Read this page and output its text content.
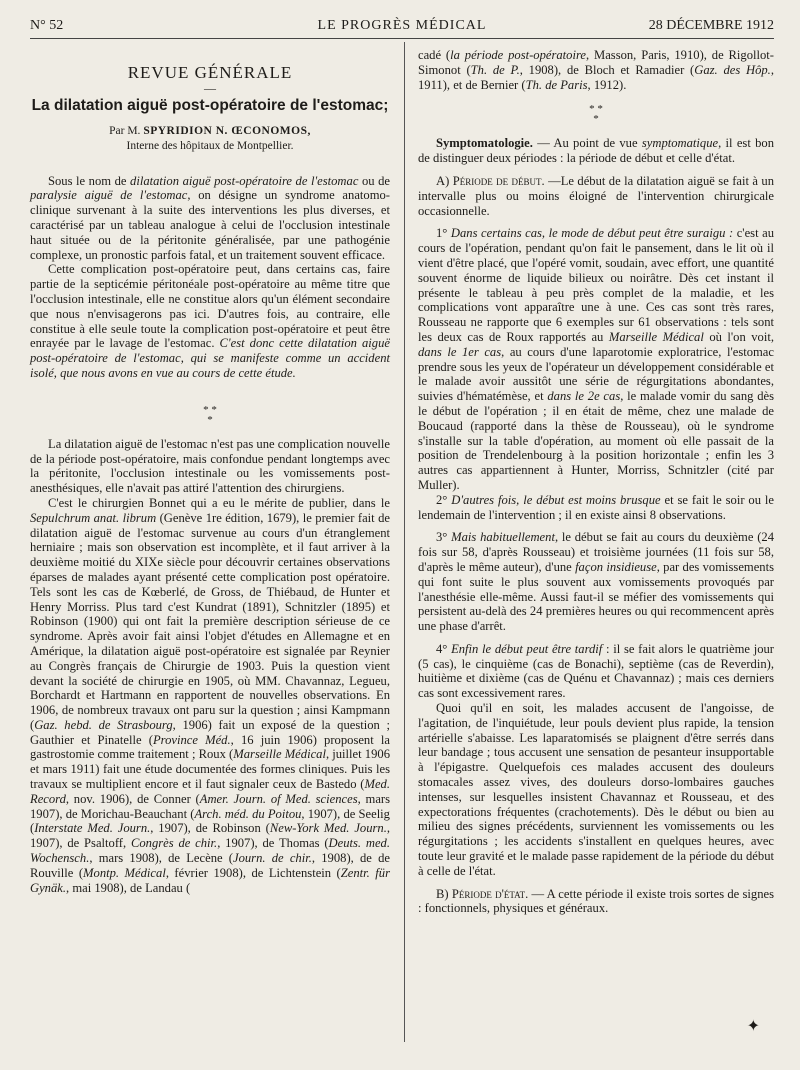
N° 52	LE PROGRÈS MÉDICAL	28 DÉCEMBRE 1912
REVUE GÉNÉRALE
—
La dilatation aiguë post-opératoire de l'estomac;
Par M. SPYRIDION N. ŒCONOMOS,
Interne des hôpitaux de Montpellier.

Sous le nom de dilatation aiguë post-opératoire de l'estomac ou de paralysie aiguë de l'estomac, on désigne un syndrome anatomo-clinique survenant à la suite des interventions les plus diverses, et caractérisé par un tableau analogue à celui de l'occlusion intestinale haut située ou de la péritonite généralisée, par une pathogénie complexe, un pronostic parfois fatal, et un traitement souvent efficace.

Cette complication post-opératoire peut, dans certains cas, faire partie de la septicémie péritonéale post-opératoire au même titre que l'occlusion intestinale, elle ne constitue alors qu'un élément secondaire que nous n'envisagerons pas ici. D'autres fois, au contraire, elle constitue à elle seule toute la complication post-opératoire et peut être enrayée par le lavage de l'estomac. C'est donc cette dilatation aiguë post-opératoire de l'estomac, qui se manifeste comme un accident isolé, que nous avons en vue au cours de cette étude.

* *
*

La dilatation aiguë de l'estomac n'est pas une complication nouvelle de la période post-opératoire, mais confondue pendant longtemps avec la péritonite, l'occlusion intestinale ou les vomissements post-anesthésiques, elle n'avait pas attiré l'attention des chirurgiens.

C'est le chirurgien Bonnet qui a eu le mérite de publier, dans le Sepulchrum anat. librum (Genève 1re édition, 1679), le premier fait de dilatation aiguë de l'estomac survenue au cours d'un étranglement herniaire ; mais son observation est incomplète, et il faut arriver à la deuxième moitié du XIXe siècle pour découvrir certaines observations éparses de malades ayant présenté cette complication post opératoire. Tels sont les cas de Kœberlé, de Gross, de Thiébaud, de Hunter et Henry Morriss. Plus tard c'est Kundrat (1891), Schnitzler (1895) et Robinson (1900) qui ont fait la première description sérieuse de ce syndrome. Après avoir fait ainsi l'objet d'études en Allemagne et en Amérique, la dilatation aiguë post-opératoire est signalée par Reynier au Congrès français de Chirurgie de 1903. Puis la question vient devant la société de chirurgie en 1905, où MM. Chavannaz, Legueu, Borchardt et Hartmann en rapportent de nouvelles observations. En 1906, de nombreux travaux ont paru sur la question ; ainsi Kampmann (Gaz. hebd. de Strasbourg, 1906) fait un exposé de la question ; Gauthier et Pinatelle (Province Méd., 16 juin 1906) proposent la gastrostomie comme traitement ; Roux (Marseille Médical, juillet 1906 et mars 1911) fait une étude documentée des formes cliniques. Puis les travaux se multiplient encore et il faut signaler ceux de Bastedo (Med. Record, nov. 1906), de Conner (Amer. Journ. of Med. sciences, mars 1907), de Morichau-Beauchant (Arch. méd. du Poitou, 1907), de Seelig (Interstate Med. Journ., 1907), de Robinson (New-York Med. Journ., 1907), de Psaltoff, Congrès de chir., 1907), de Thomas (Deuts. med. Wochensch., mars 1908), de Lecène (Journ. de chir., 1908), de de Rouville (Montp. Médical, février 1908), de Lichtenstein (Zentr. für Gynäk., mai 1908), de Landau (

cadé (la période post-opératoire, Masson, Paris, 1910), de Rigollot-Simonot (Th. de P., 1908), de Bloch et Ramadier (Gaz. des Hôp., 1911), et de Bernier (Th. de Paris, 1912).

* *
*

Symptomatologie. — Au point de vue symptomatique, il est bon de distinguer deux périodes : la période de début et celle d'état.

A) Période de début. —Le début de la dilatation aiguë se fait à un intervalle plus ou moins éloigné de l'intervention chirurgicale occasionnelle.

1° Dans certains cas, le mode de début peut être suraigu : c'est au cours de l'opération, pendant qu'on fait le pansement, dans le lit où il vient d'être placé, que l'opéré vomit, soudain, avec effort, une quantité souvent énorme de liquide bilieux ou noirâtre. Dès cet instant il présente le tableau à peu près complet de la maladie, et les complications vont apparaître une à une. Ces cas sont très rares, Rousseau ne rapporte que 6 exemples sur 61 observations : tels sont les deux cas de Roux rapportés au Marseille Médical où l'on voit, dans le 1er cas, au cours d'une laparotomie exploratrice, l'estomac prendre sous les yeux de l'opérateur un développement considérable et le malade avoir aussitôt une série de régurgitations abondantes, suivies d'hématémèse, et dans le 2e cas, le malade vomir du sang dès le début de l'opération ; il en était de même, chez une malade de Boucaud (rapporté dans la thèse de Rousseau), où le syndrome s'installe sur la table d'opération, au moment où elle passait de la position de Trendelenbourg à la position horizontale ; enfin les 3 autres cas appartiennent à Hunter, Morriss, Schnitzler (cité par Muller).

2° D'autres fois, le début est moins brusque et se fait le soir ou le lendemain de l'intervention ; il en existe ainsi 8 observations.

3° Mais habituellement, le début se fait au cours du deuxième (24 fois sur 58, d'après Rousseau) et troisième journées (11 fois sur 58, d'après le même auteur), d'une façon insidieuse, par des vomissements qui font suite le plus souvent aux vomissements provoqués par l'anesthésie elle-même. Aussi faut-il se méfier des vomissements qui persistent au-delà des 24 premières heures ou qui recommencent après une phase d'arrêt.

4° Enfin le début peut être tardif : il se fait alors le quatrième jour (5 cas), le cinquième (cas de Bonachi), septième (cas de Reverdin), huitième et dixième (cas de Quénu et Chavannaz) ; mais ces derniers cas sont excessivement rares.

Quoi qu'il en soit, les malades accusent de l'angoisse, de l'agitation, de l'inquiétude, leur pouls devient plus rapide, la tension artérielle s'abaisse. Les laparatomisés se plaignent d'être serrés dans leur bandage ; tous accusent une sensation de pesanteur insupportable à l'épigastre. Quelquefois ces malades accusent des douleurs stomacales assez vives, des douleurs dorso-lombaires gauches intenses, sur lesquelles insistent Chavannaz et Rousseau, et des expectorations fréquentes (crachotements). Dès le début ou bien au milieu des signes précédents, surviennent les vomissements ou les régurgitations ; les accidents s'installent en quelques heures, avec toute leur gravité et le malade passe rapidement de la période du début à celle de l'état.

B) Période d'état. — A cette période il existe trois sortes de signes : fonctionnels, physiques et généraux.

✦
